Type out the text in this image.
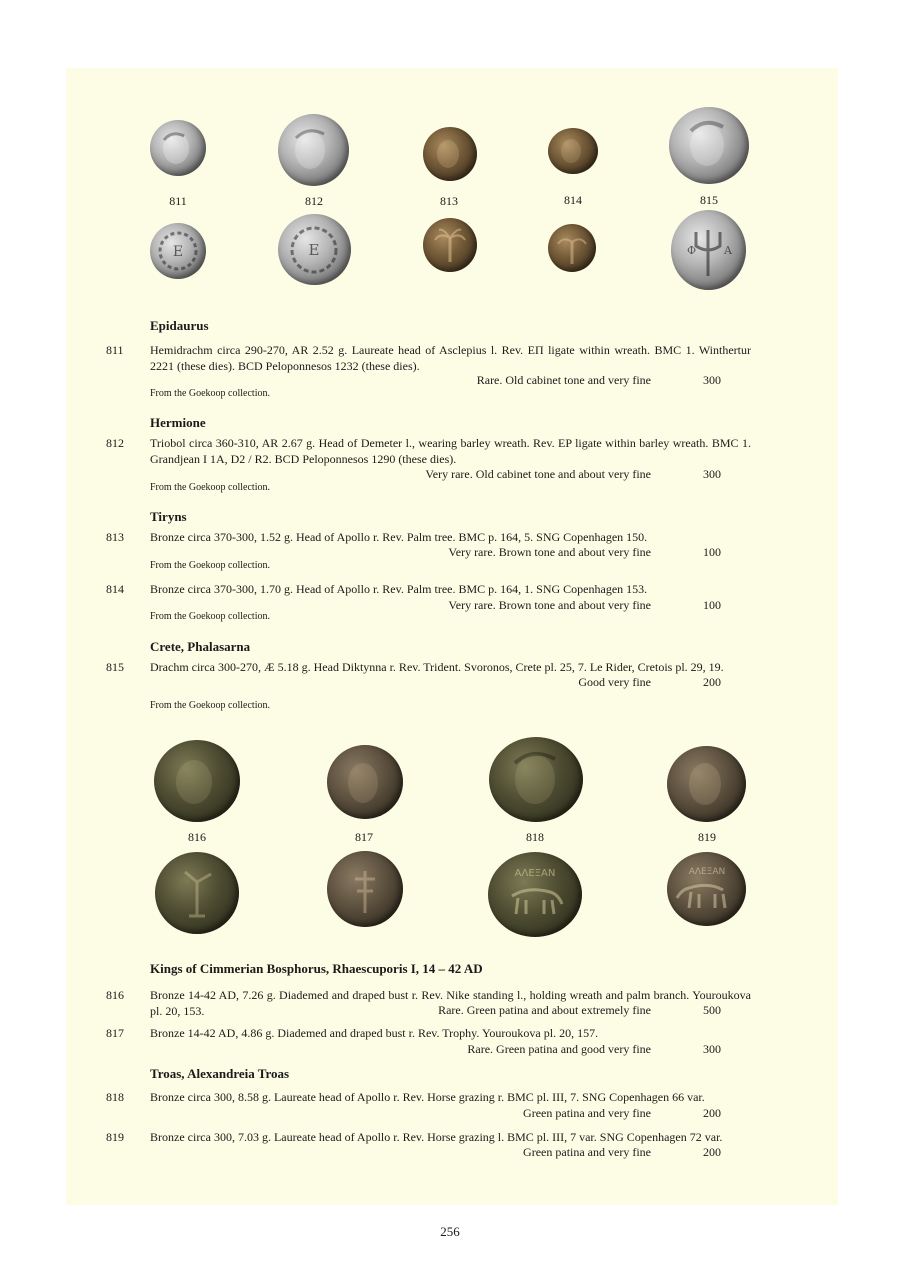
811	812	813	814	815
Ε	Ε	Φ	Α
Epidaurus
811 Hemidrachm circa 290-270, AR 2.52 g. Laureate head of Asclepius l. Rev. ЕΠ ligate within wreath. BMC 1. Winthertur 2221 (these dies). BCD Peloponnesos 1232 (these dies).
Rare. Old cabinet tone and very fine	300
From the Goekoop collection.
Hermione
812 Triobol circa 360-310, AR 2.67 g. Head of Demeter l., wearing barley wreath. Rev. EP ligate within barley wreath. BMC 1. Grandjean I 1A, D2 / R2. BCD Peloponnesos 1290 (these dies).
Very rare. Old cabinet tone and about very fine	300
From the Goekoop collection.
Tiryns
813 Bronze circa 370-300, 1.52 g. Head of Apollo r. Rev. Palm tree. BMC p. 164, 5. SNG Copenhagen 150.
Very rare. Brown tone and about very fine	100
From the Goekoop collection.
814 Bronze circa 370-300, 1.70 g. Head of Apollo r. Rev. Palm tree. BMC p. 164, 1. SNG Copenhagen 153.
Very rare. Brown tone and about very fine	100
From the Goekoop collection.
Crete, Phalasarna
815 Drachm circa 300-270, Æ 5.18 g. Head Diktynna r. Rev. Trident. Svoronos, Crete pl. 25, 7. Le Rider, Cretois pl. 29, 19.
Good very fine	200
From the Goekoop collection.
816	817	818	819
ΑΛΕΞΑΝ	ΑΛΕΞΑΝ
Kings of Cimmerian Bosphorus, Rhaescuporis I, 14 – 42 AD
816 Bronze 14-42 AD, 7.26 g. Diademed and draped bust r. Rev. Nike standing l., holding wreath and palm branch. Youroukova pl. 20, 153.	Rare. Green patina and about extremely fine	500
817 Bronze 14-42 AD, 4.86 g. Diademed and draped bust r. Rev. Trophy. Youroukova pl. 20, 157.
Rare. Green patina and good very fine	300
Troas, Alexandreia Troas
818 Bronze circa 300, 8.58 g. Laureate head of Apollo r. Rev. Horse grazing r. BMC pl. III, 7. SNG Copenhagen 66 var.
Green patina and very fine	200
819 Bronze circa 300, 7.03 g. Laureate head of Apollo r. Rev. Horse grazing l. BMC pl. III, 7 var. SNG Copenhagen 72 var.
Green patina and very fine	200
256
